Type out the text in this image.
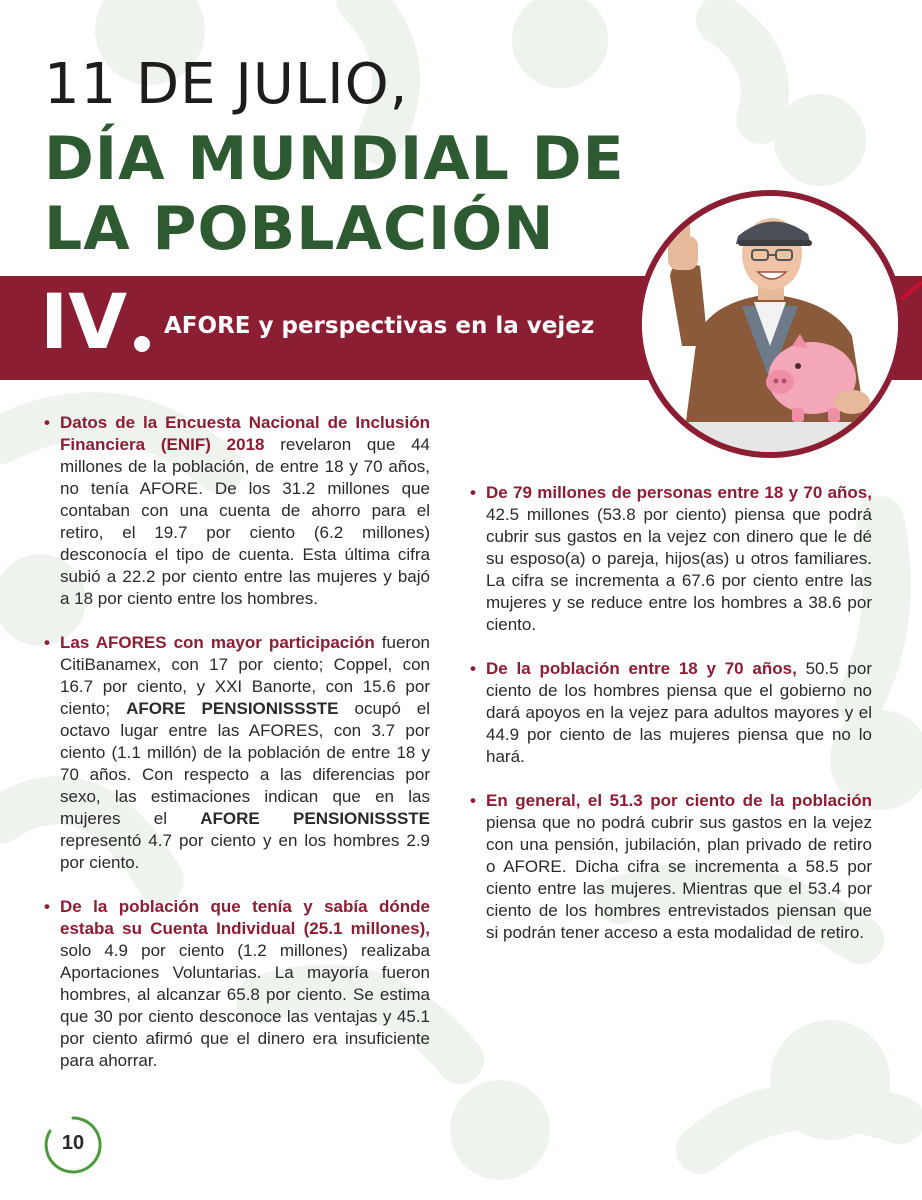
11 DE JULIO,
DÍA MUNDIAL DE
LA POBLACIÓN
IV AFORE y perspectivas en la vejez

• Datos de la Encuesta Nacional de Inclusión Financiera (ENIF) 2018 revelaron que 44 millones de la población, de entre 18 y 70 años, no tenía AFORE. De los 31.2 millones que contaban con una cuenta de ahorro para el retiro, el 19.7 por ciento (6.2 millones) desconocía el tipo de cuenta. Esta última cifra subió a 22.2 por ciento entre las mujeres y bajó a 18 por ciento entre los hombres.

• Las AFORES con mayor participación fueron CitiBanamex, con 17 por ciento; Coppel, con 16.7 por ciento, y XXI Banorte, con 15.6 por ciento; AFORE PENSIONISSSTE ocupó el octavo lugar entre las AFORES, con 3.7 por ciento (1.1 millón) de la población de entre 18 y 70 años. Con respecto a las diferencias por sexo, las estimaciones indican que en las mujeres el AFORE PENSIONISSSTE representó 4.7 por ciento y en los hombres 2.9 por ciento.

• De la población que tenía y sabía dónde estaba su Cuenta Individual (25.1 millones), solo 4.9 por ciento (1.2 millones) realizaba Aportaciones Voluntarias. La mayoría fueron hombres, al alcanzar 65.8 por ciento. Se estima que 30 por ciento desconoce las ventajas y 45.1 por ciento afirmó que el dinero era insuficiente para ahorrar.

• De 79 millones de personas entre 18 y 70 años, 42.5 millones (53.8 por ciento) piensa que podrá cubrir sus gastos en la vejez con dinero que le dé su esposo(a) o pareja, hijos(as) u otros familiares. La cifra se incrementa a 67.6 por ciento entre las mujeres y se reduce entre los hombres a 38.6 por ciento.

• De la población entre 18 y 70 años, 50.5 por ciento de los hombres piensa que el gobierno no dará apoyos en la vejez para adultos mayores y el 44.9 por ciento de las mujeres piensa que no lo hará.

• En general, el 51.3 por ciento de la población piensa que no podrá cubrir sus gastos en la vejez con una pensión, jubilación, plan privado de retiro o AFORE. Dicha cifra se incrementa a 58.5 por ciento entre las mujeres. Mientras que el 53.4 por ciento de los hombres entrevistados piensan que si podrán tener acceso a esta modalidad de retiro.

10
